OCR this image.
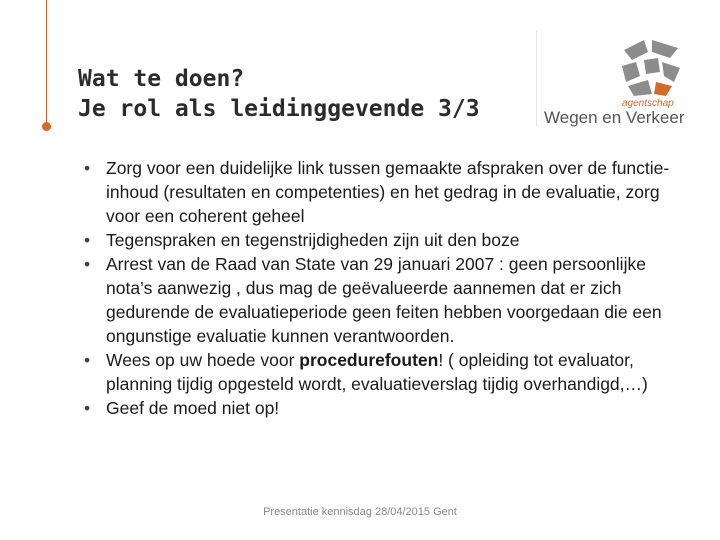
Wat te doen?
Je rol als leidinggevende 3/3	agentschap
Wegen en Verkeer
• Zorg voor een duidelijke link tussen gemaakte afspraken over de functie-inhoud (resultaten en competenties) en het gedrag in de evaluatie, zorg voor een coherent geheel
• Tegenspraken en tegenstrijdigheden zijn uit den boze
• Arrest van de Raad van State van 29 januari 2007 : geen persoonlijke nota’s aanwezig , dus mag de geëvalueerde aannemen dat er zich gedurende de evaluatieperiode geen feiten hebben voorgedaan die een ongunstige evaluatie kunnen verantwoorden.
• Wees op uw hoede voor procedurefouten! ( opleiding tot evaluator, planning tijdig opgesteld wordt, evaluatieverslag tijdig overhandigd,…)
• Geef de moed niet op!
Presentatie kennisdag 28/04/2015 Gent
